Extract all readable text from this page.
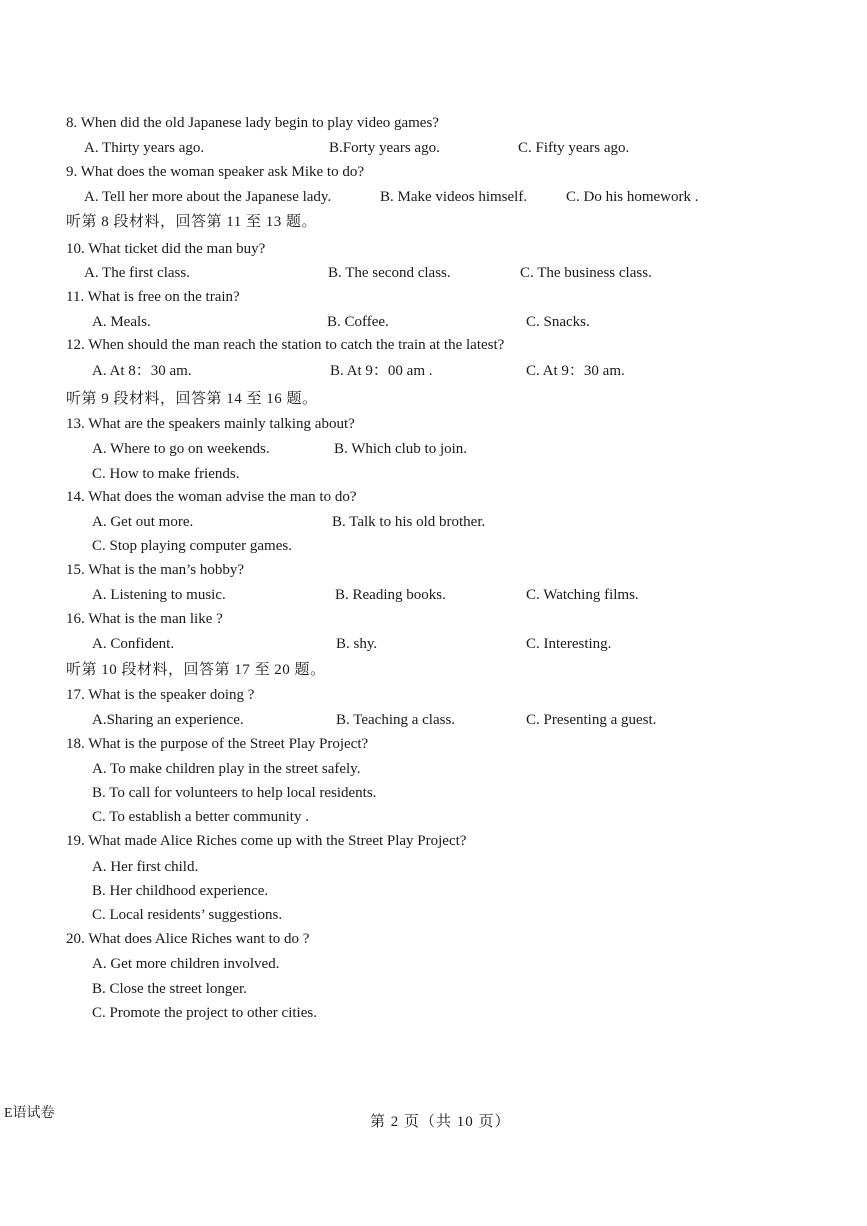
8. When did the old Japanese lady begin to play video games?
A. Thirty years ago.	B.Forty years ago.	C. Fifty years ago.
9. What does the woman speaker ask Mike to do?
A. Tell her more about the Japanese lady.	B. Make videos himself.	C. Do his homework .
听第 8 段材料，回答第 11 至 13 题。
10. What ticket did the man buy?
A. The first class.	B. The second class.	C. The business class.
11. What is free on the train?
A. Meals.	B. Coffee.	C. Snacks.
12. When should the man reach the station to catch the train at the latest?
A. At 8：30 am.	B. At 9：00 am .	C. At 9：30 am.
听第 9 段材料，回答第 14 至 16 题。
13. What are the speakers mainly talking about?
A. Where to go on weekends.	B. Which club to join.
C. How to make friends.
14. What does the woman advise the man to do?
A. Get out more.	B. Talk to his old brother.
C. Stop playing computer games.
15. What is the man’s hobby?
A. Listening to music.	B. Reading books.	C. Watching films.
16. What is the man like ?
A. Confident.	B. shy.	C. Interesting.
听第 10 段材料，回答第 17 至 20 题。
17. What is the speaker doing ?
A.Sharing an experience.	B. Teaching a class.	C. Presenting a guest.
18. What is the purpose of the Street Play Project?
A. To make children play in the street safely.
B. To call for volunteers to help local residents.
C. To establish a better community .
19. What made Alice Riches come up with the Street Play Project?
A. Her first child.
B. Her childhood experience.
C. Local residents’ suggestions.
20. What does Alice Riches want to do ?
A. Get more children involved.
B. Close the street longer.
C. Promote the project to other cities.
E语试卷
第 2 页（共 10 页）
